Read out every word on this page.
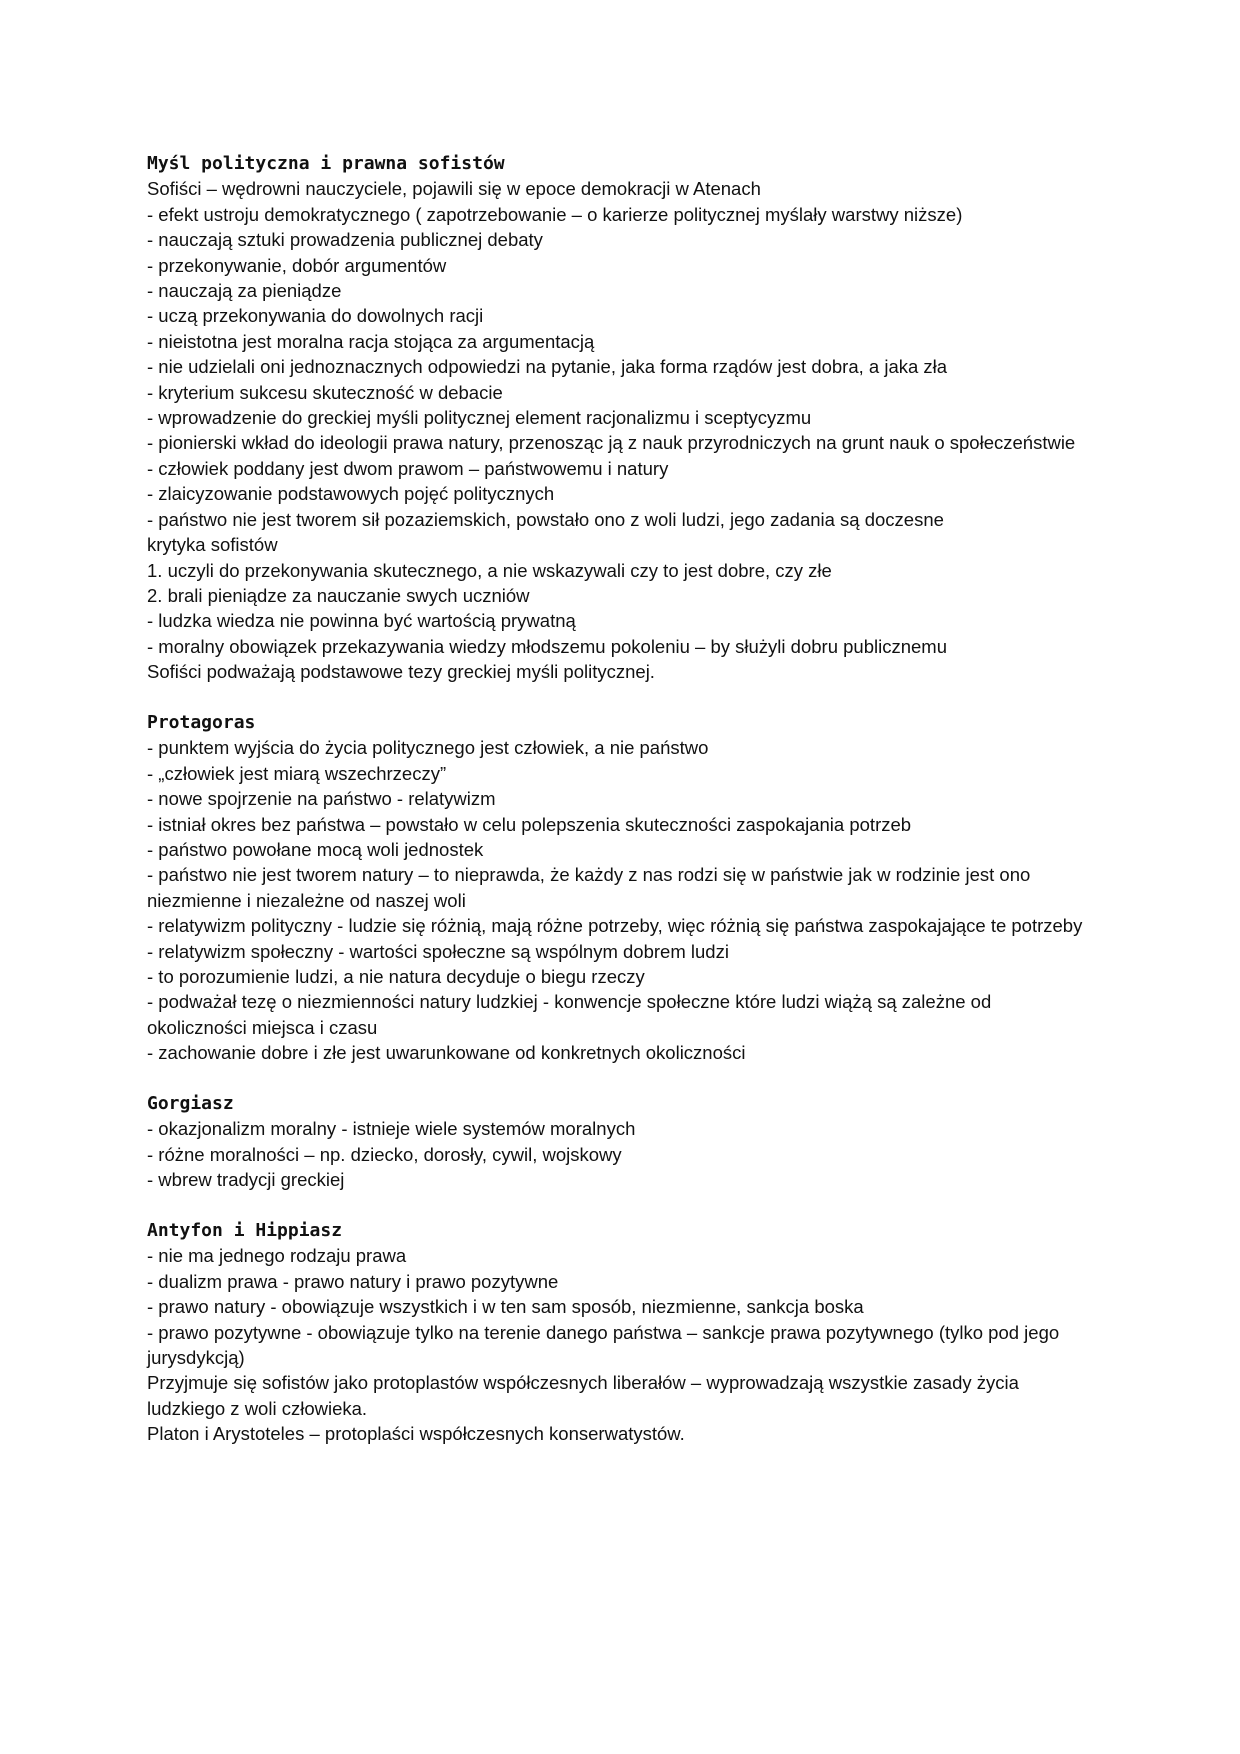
Myśl polityczna i prawna sofistów
Sofiści – wędrowni nauczyciele, pojawili się w epoce demokracji w Atenach
- efekt ustroju demokratycznego ( zapotrzebowanie – o karierze politycznej myślały warstwy niższe)
- nauczają sztuki prowadzenia publicznej debaty
- przekonywanie, dobór argumentów
- nauczają za pieniądze
- uczą przekonywania do dowolnych racji
- nieistotna jest moralna racja stojąca za argumentacją
- nie udzielali oni jednoznacznych odpowiedzi na pytanie, jaka forma rządów jest dobra, a jaka zła
- kryterium sukcesu skuteczność w debacie
- wprowadzenie do greckiej myśli politycznej element racjonalizmu i sceptycyzmu
- pionierski wkład do ideologii prawa natury, przenosząc ją z nauk przyrodniczych na grunt nauk o społeczeństwie
- człowiek poddany jest dwom prawom – państwowemu i natury
- zlaicyzowanie podstawowych pojęć politycznych
- państwo nie jest tworem sił pozaziemskich, powstało ono z woli ludzi, jego zadania są doczesne
krytyka sofistów
1. uczyli do przekonywania skutecznego, a nie wskazywali czy to jest dobre, czy złe
2. brali pieniądze za nauczanie swych uczniów
- ludzka wiedza nie powinna być wartością prywatną
- moralny obowiązek przekazywania wiedzy młodszemu pokoleniu – by służyli dobru publicznemu
Sofiści podważają podstawowe tezy greckiej myśli politycznej.
Protagoras
- punktem wyjścia do życia politycznego jest człowiek, a nie państwo
- „człowiek jest miarą wszechrzeczy”
- nowe spojrzenie na państwo - relatywizm
- istniał okres bez państwa – powstało w celu polepszenia skuteczności zaspokajania potrzeb
- państwo powołane mocą woli jednostek
- państwo nie jest tworem natury – to nieprawda, że każdy z nas rodzi się w państwie jak w rodzinie jest ono niezmienne i niezależne od naszej woli
- relatywizm polityczny - ludzie się różnią, mają różne potrzeby, więc różnią się państwa zaspokajające te potrzeby
- relatywizm społeczny - wartości społeczne są wspólnym dobrem ludzi
- to porozumienie ludzi, a nie natura decyduje o biegu rzeczy
- podważał tezę o niezmienności natury ludzkiej - konwencje społeczne które ludzi wiążą są zależne od okoliczności miejsca i czasu
- zachowanie dobre i złe jest uwarunkowane od konkretnych okoliczności
Gorgiasz
- okazjonalizm moralny - istnieje wiele systemów moralnych
- różne moralności – np. dziecko, dorosły, cywil, wojskowy
- wbrew tradycji greckiej
Antyfon i Hippiasz
- nie ma jednego rodzaju prawa
- dualizm prawa - prawo natury i prawo pozytywne
- prawo natury - obowiązuje wszystkich i w ten sam sposób, niezmienne, sankcja boska
- prawo pozytywne - obowiązuje tylko na terenie danego państwa – sankcje prawa pozytywnego (tylko pod jego jurysdykcją)
Przyjmuje się sofistów jako protoplastów współczesnych liberałów – wyprowadzają wszystkie zasady życia ludzkiego z woli człowieka.
Platon i Arystoteles – protoplaści współczesnych konserwatystów.
